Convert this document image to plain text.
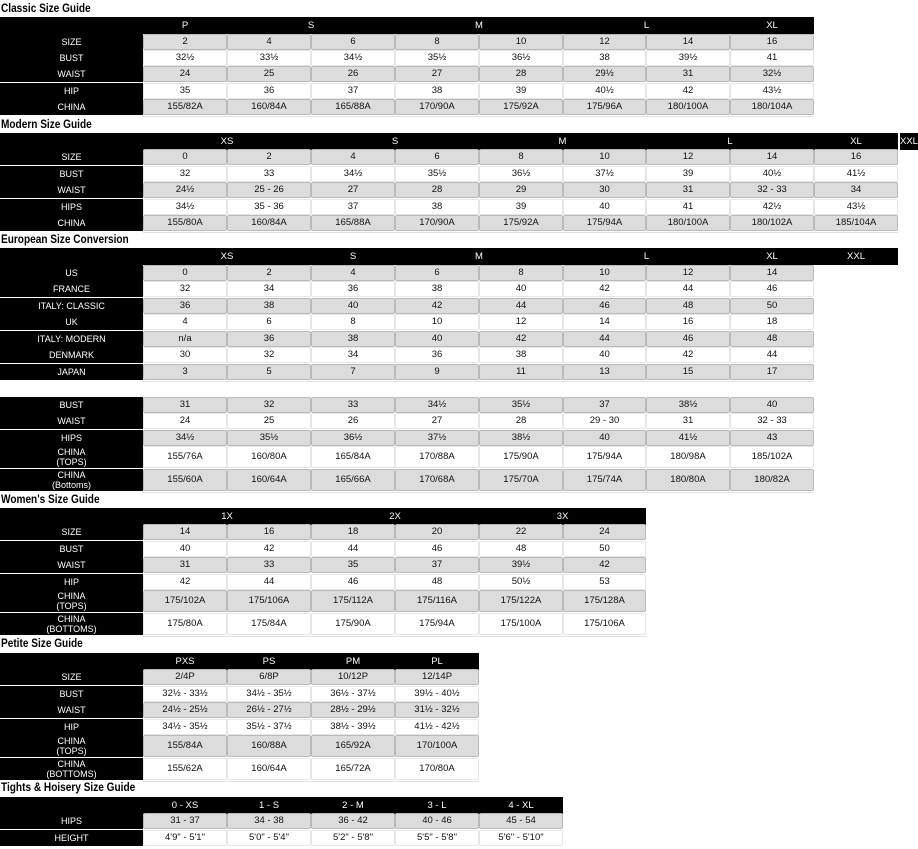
Classic Size Guide
P	S	M	L	XL
SIZE	2	4	6	8	10	12	14	16
BUST	32½	33½	34½	35½	36½	38	39½	41
WAIST	24	25	26	27	28	29½	31	32½
HIP	35	36	37	38	39	40½	42	43½
CHINA	155/82A	160/84A	165/88A	170/90A	175/92A	175/96A	180/100A	180/104A
Modern Size Guide
XS	S	M	L	XL	XXL
SIZE	0	2	4	6	8	10	12	14	16
BUST	32	33	34½	35½	36½	37½	39	40½	41½
WAIST	24½	25 - 26	27	28	29	30	31	32 - 33	34
HIPS	34½	35 - 36	37	38	39	40	41	42½	43½
CHINA	155/80A	160/84A	165/88A	170/90A	175/92A	175/94A	180/100A	180/102A	185/104A
European Size Conversion
XS	S	M	L	XL	XXL
US	0	2	4	6	8	10	12	14
FRANCE	32	34	36	38	40	42	44	46
ITALY: CLASSIC	36	38	40	42	44	46	48	50
UK	4	6	8	10	12	14	16	18
ITALY: MODERN	n/a	36	38	40	42	44	46	48
DENMARK	30	32	34	36	38	40	42	44
JAPAN	3	5	7	9	11	13	15	17
BUST	31	32	33	34½	35½	37	38½	40
WAIST	24	25	26	27	28	29 - 30	31	32 - 33
HIPS	34½	35½	36½	37½	38½	40	41½	43
CHINA
(TOPS)	155/76A	160/80A	165/84A	170/88A	175/90A	175/94A	180/98A	185/102A
CHINA
(Bottoms)	155/60A	160/64A	165/66A	170/68A	175/70A	175/74A	180/80A	180/82A
Women's Size Guide
1X	2X	3X
SIZE	14	16	18	20	22	24
BUST	40	42	44	46	48	50
WAIST	31	33	35	37	39½	42
HIP	42	44	46	48	50½	53
CHINA
(TOPS)	175/102A	175/106A	175/112A	175/116A	175/122A	175/128A
CHINA
(BOTTOMS)	175/80A	175/84A	175/90A	175/94A	175/100A	175/106A
Petite Size Guide
PXS	PS	PM	PL
SIZE	2/4P	6/8P	10/12P	12/14P
BUST	32½ - 33½	34½ - 35½	36½ - 37½	39½ - 40½
WAIST	24½ - 25½	26½ - 27½	28½ - 29½	31½ - 32½
HIP	34½ - 35½	35½ - 37½	38½ - 39½	41½ - 42½
CHINA
(TOPS)	155/84A	160/88A	165/92A	170/100A
CHINA
(BOTTOMS)	155/62A	160/64A	165/72A	170/80A
Tights & Hoisery Size Guide
0 - XS	1 - S	2 - M	3 - L	4 - XL
HIPS	31 - 37	34 - 38	36 - 42	40 - 46	45 - 54
HEIGHT	4'9" - 5'1"	5'0" - 5'4"	5'2" - 5'8"	5'5" - 5'8"	5'6" - 5'10"
